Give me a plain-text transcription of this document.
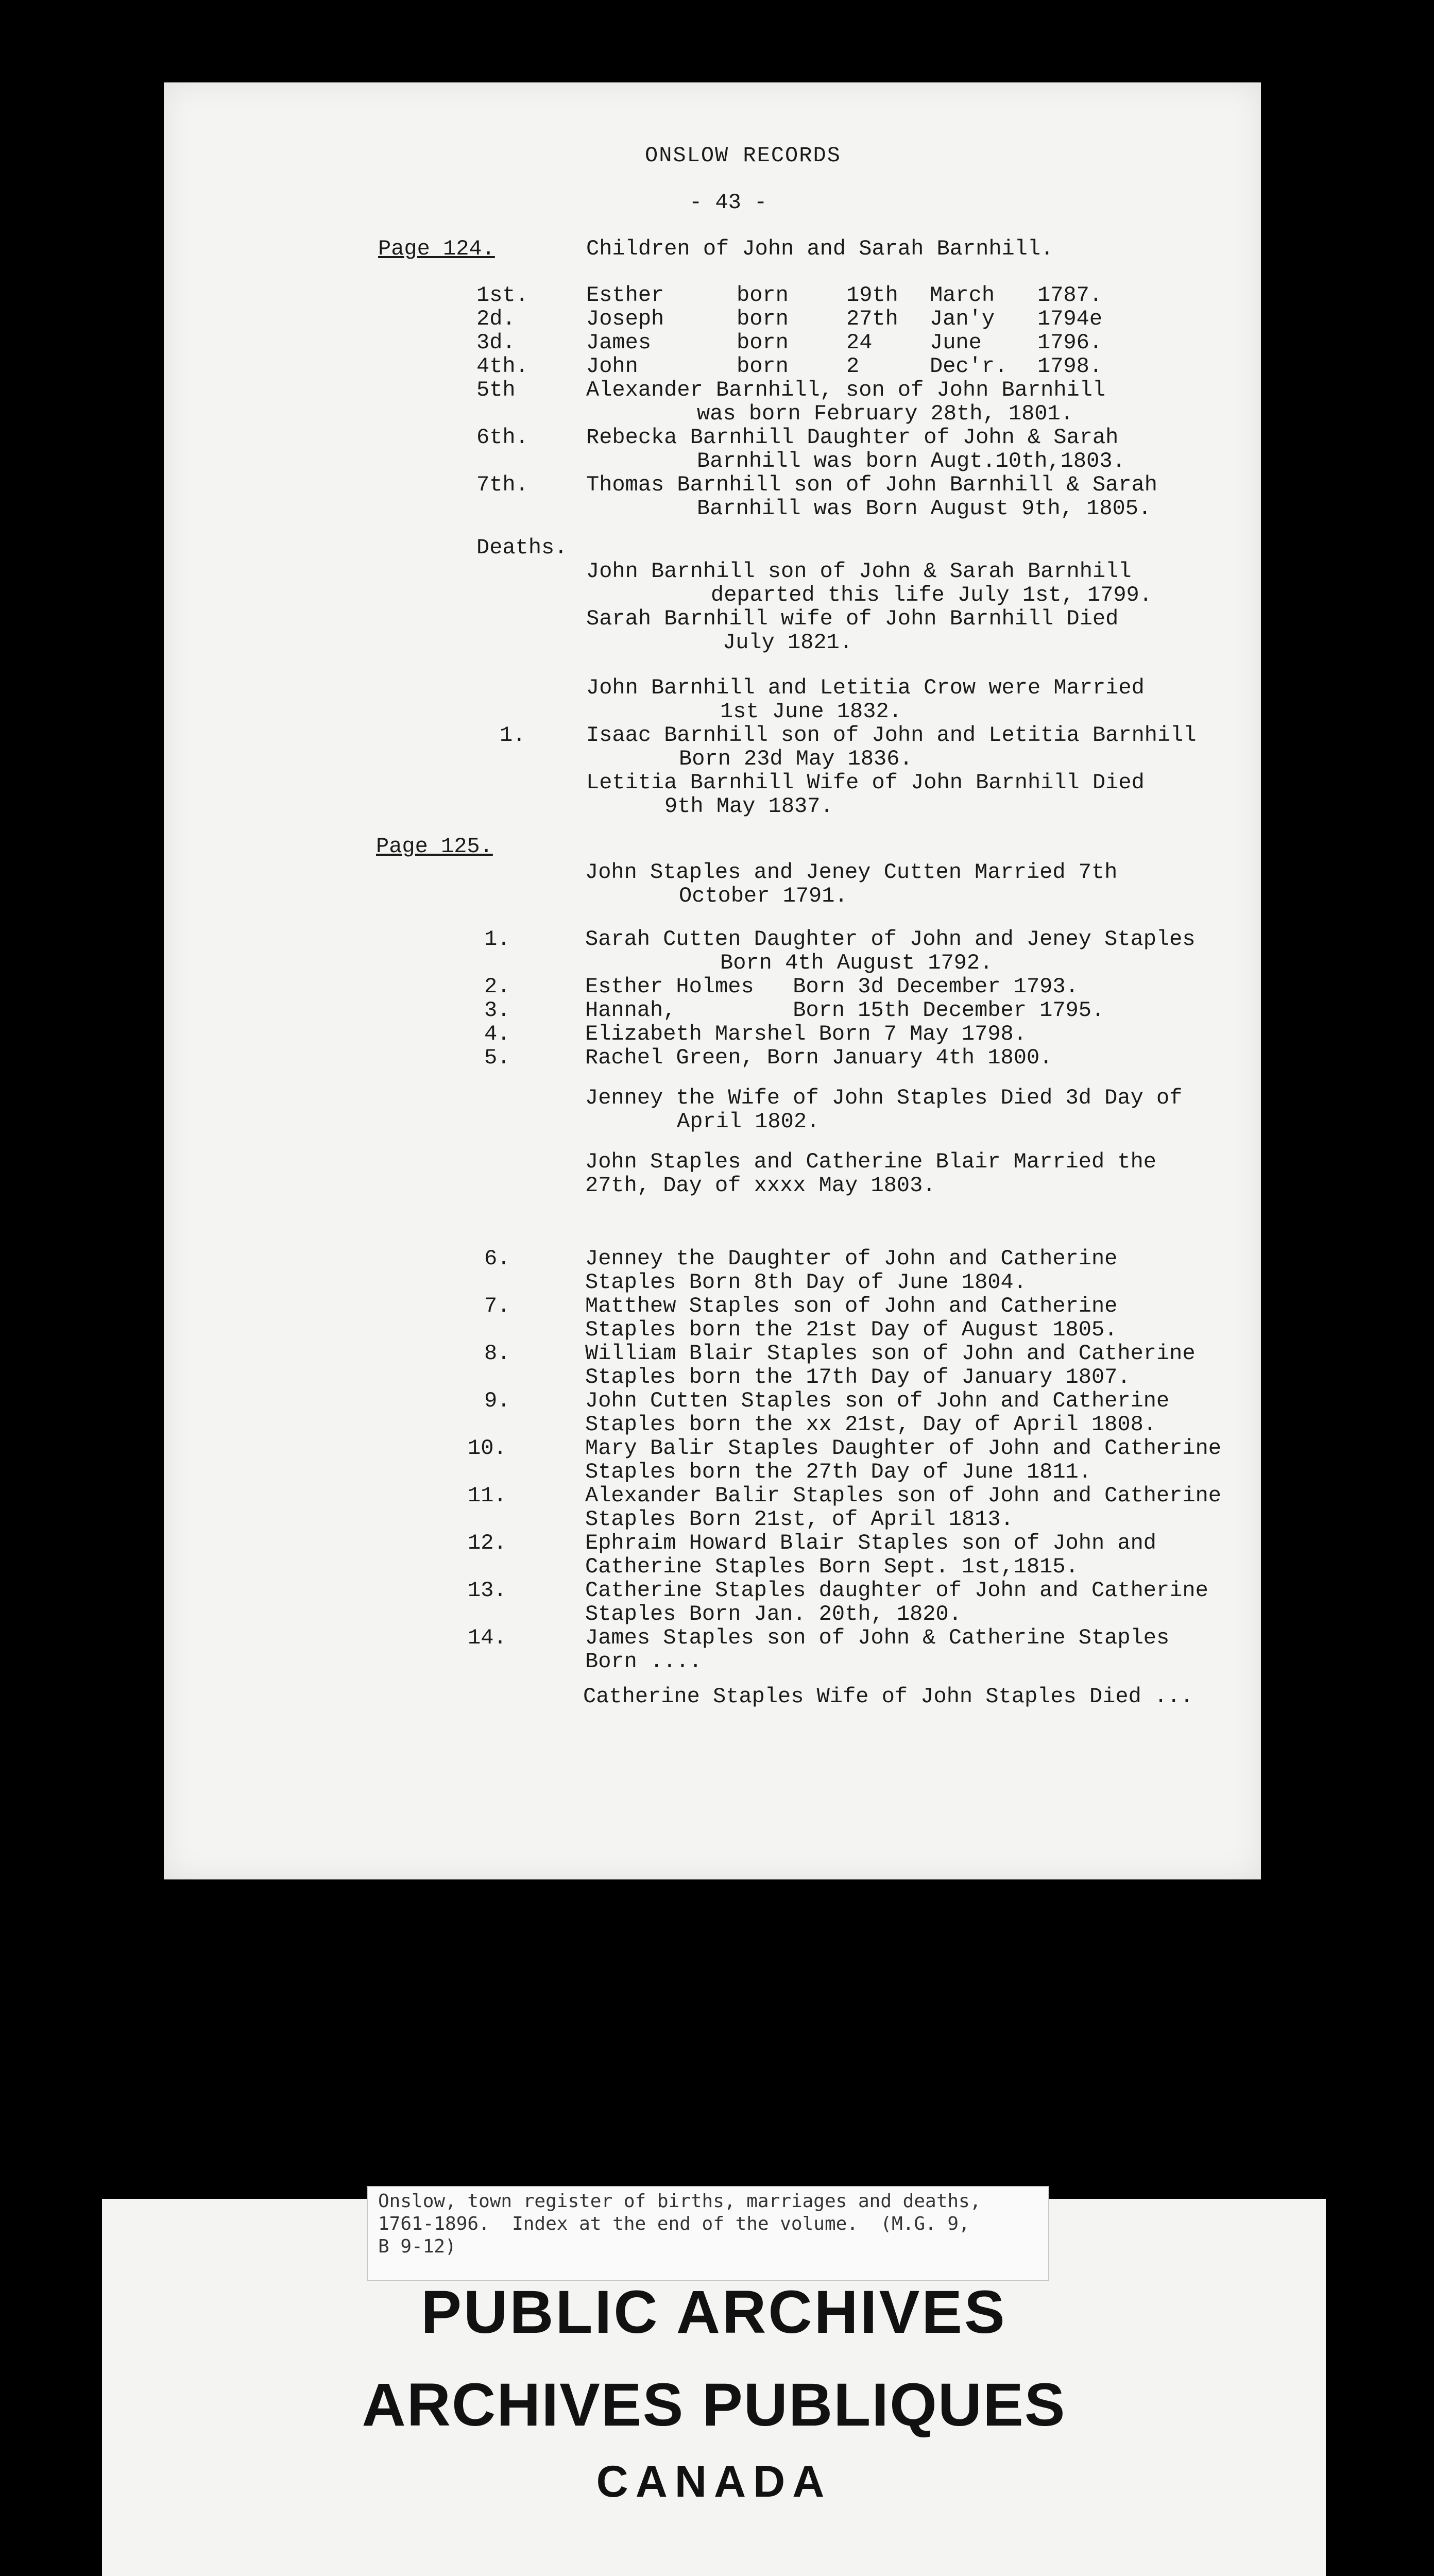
ONSLOW RECORDS
- 43 -
Page 124.	Children of John and Sarah Barnhill.
1st.	Esther	born	19th March 1787.
2d.	Joseph	born	27th Jan'y 1794e
3d.	James	born	24	June	1796.
4th.	John	born	2	Dec'r. 1798.
5th	Alexander Barnhill, son of John Barnhill
was born February 28th, 1801.
6th.	Rebecka Barnhill Daughter of John & Sarah
Barnhill was born Augt.10th,1803.
7th.	Thomas Barnhill son of John Barnhill & Sarah
Barnhill was Born August 9th, 1805.
Deaths.
John Barnhill son of John & Sarah Barnhill
departed this life July 1st, 1799.
Sarah Barnhill wife of John Barnhill Died
July 1821.
John Barnhill and Letitia Crow were Married
1st June 1832.
1.	Isaac Barnhill son of John and Letitia Barnhill
Born 23d May 1836.
Letitia Barnhill Wife of John Barnhill Died
9th May 1837.
Page 125.
John Staples and Jeney Cutten Married 7th
October 1791.
1.	Sarah Cutten Daughter of John and Jeney Staples
Born 4th August 1792.
2.	Esther Holmes   Born 3d December 1793.
3.	Hannah,         Born 15th December 1795.
4.	Elizabeth Marshel Born 7 May 1798.
5.	Rachel Green, Born January 4th 1800.
Jenney the Wife of John Staples Died 3d Day of
April 1802.
John Staples and Catherine Blair Married the
27th, Day of xxxx May 1803.
6.	Jenney the Daughter of John and Catherine
Staples Born 8th Day of June 1804.
7.	Matthew Staples son of John and Catherine
Staples born the 21st Day of August 1805.
8.	William Blair Staples son of John and Catherine
Staples born the 17th Day of January 1807.
9.	John Cutten Staples son of John and Catherine
Staples born the xx 21st, Day of April 1808.
10.	Mary Balir Staples Daughter of John and Catherine
Staples born the 27th Day of June 1811.
11.	Alexander Balir Staples son of John and Catherine
Staples Born 21st, of April 1813.
12.	Ephraim Howard Blair Staples son of John and
Catherine Staples Born Sept. 1st,1815.
13.	Catherine Staples daughter of John and Catherine
Staples Born Jan. 20th, 1820.
14.	James Staples son of John & Catherine Staples
Born ....
Catherine Staples Wife of John Staples Died ...
Onslow, town register of births, marriages and deaths,
1761-1896.  Index at the end of the volume.  (M.G. 9,
B 9-12)
PUBLIC ARCHIVES
ARCHIVES PUBLIQUES
CANADA
